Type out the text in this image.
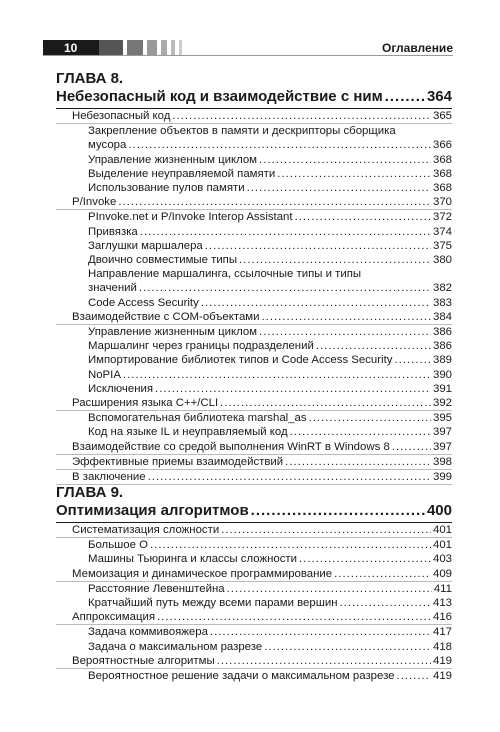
10	Оглавление
ГЛАВА 8.
Небезопасный код и взаимодействие с ним .....	364
Небезопасный код .....	365
Закрепление объектов в памяти и дескрипторы сборщика
мусора .....	366
Управление жизненным циклом .....	368
Выделение неуправляемой памяти .....	368
Использование пулов памяти .....	368
P/Invoke .....	370
PInvoke.net и P/Invoke Interop Assistant .....	372
Привязка .....	374
Заглушки маршалера .....	375
Двоично совместимые типы .....	380
Направление маршалинга, ссылочные типы и типы
значений .....	382
Code Access Security .....	383
Взаимодействие с COM-объектами .....	384
Управление жизненным циклом .....	386
Маршалинг через границы подразделений .....	386
Импортирование библиотек типов и Code Access Security .....	389
NoPIA .....	390
Исключения .....	391
Расширения языка C++/CLI .....	392
Вспомогательная библиотека marshal_as .....	395
Код на языке IL и неуправляемый код .....	397
Взаимодействие со средой выполнения WinRT в Windows 8 .....	397
Эффективные приемы взаимодействий .....	398
В заключение .....	399
ГЛАВА 9.
Оптимизация алгоритмов .....	400
Систематизация сложности .....	401
Большое O .....	401
Машины Тьюринга и классы сложности .....	403
Мемоизация и динамическое программирование .....	409
Расстояние Левенштейна .....	411
Кратчайший путь между всеми парами вершин .....	413
Аппроксимация .....	416
Задача коммивояжера .....	417
Задача о максимальном разрезе .....	418
Вероятностные алгоритмы .....	419
Вероятностное решение задачи о максимальном разрезе .....	419
